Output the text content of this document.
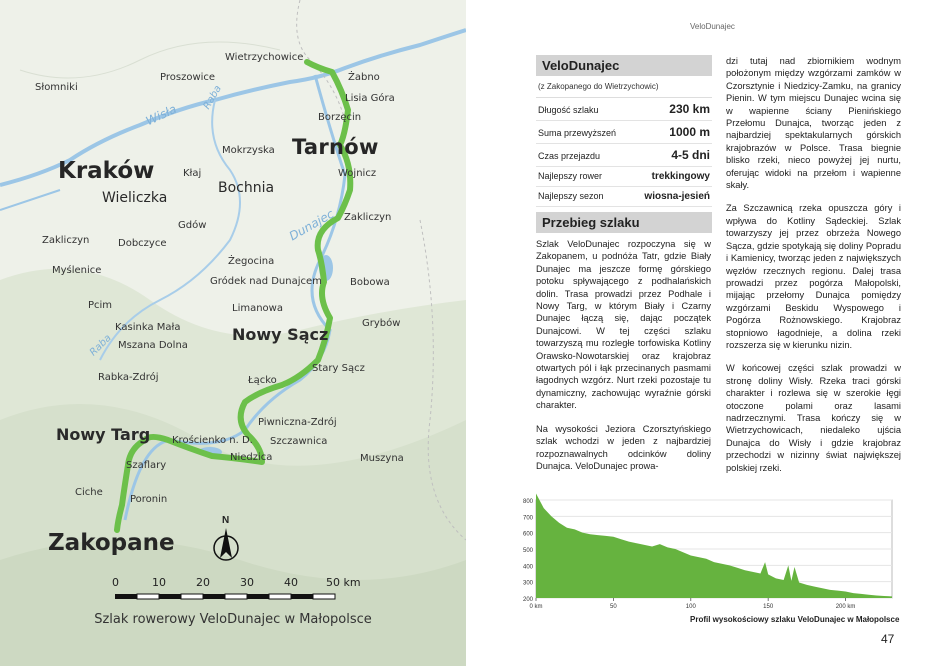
N
Wietrzychowice
Słomniki
Proszowice	Żabno
Lisia Góra
Borzęcin
Tarnów
Mokrzyska
Kraków	Kłaj
Wieliczka
Bochnia
Wojnicz
Zakliczyn
Gdów
Zakliczyn	Dobczyce
Myślenice
Żegocina
Gródek nad Dunajcem	Bobowa
Limanowa
Pcim
Kasinka Mała	Grybów
Nowy Sącz
Mszana Dolna
Stary Sącz
Rabka-Zdrój	Łącko
Piwniczna-Zdrój
Nowy Targ Krościenko n. D. Szczawnica
Niedzica
Szaflary
Muszyna
Ciche
Poronin
Zakopane
Wisła
Raba
Dunajec
Raba
0	10	20	30	40	50 km
Szlak rowerowy VeloDunajec w Małopolsce
VeloDunajec
VeloDunajec
(z Zakopanego do Wietrzychowic)
Długość szlaku	230 km
Suma przewyższeń	1000 m
Czas przejazdu	4-5 dni
Najlepszy rower	trekkingowy
Najlepszy sezon	wiosna-jesień
Przebieg szlaku

Szlak VeloDunajec rozpoczyna się w Zakopanem, u podnóża Tatr, gdzie Biały Dunajec ma jeszcze formę górskiego potoku spływającego z podhalańskich dolin. Trasa prowadzi przez Podhale i Nowy Targ, w którym Biały i Czarny Dunajec łączą się, dając początek Dunajcowi. W tej części szlaku towarzyszą mu rozległe torfowiska Kotliny Orawsko-Nowotarskiej oraz krajobraz otwartych pól i łąk przecinanych pasmami łagodnych wzgórz. Nurt rzeki pozostaje tu dynamiczny, zachowując wyraźnie górski charakter.

Na wysokości Jeziora Czorsztyńskiego szlak wchodzi w jeden z najbardziej rozpoznawalnych odcinków doliny Dunajca. VeloDunajec prowa-

dzi tutaj nad zbiornikiem wodnym położonym między wzgórzami zamków w Czorsztynie i Niedzicy-Zamku, na granicy Pienin. W tym miejscu Dunajec wcina się w wapienne ściany Pienińskiego Przełomu Dunajca, tworząc jeden z najbardziej spektakularnych górskich krajobrazów w Polsce. Trasa biegnie blisko rzeki, nieco powyżej jej nurtu, oferując widoki na przełom i wapienne skały.

Za Szczawnicą rzeka opuszcza góry i wpływa do Kotliny Sądeckiej. Szlak towarzyszy jej przez obrzeża Nowego Sącza, gdzie spotykają się doliny Popradu i Kamienicy, tworząc jeden z największych węzłów rzecznych regionu. Dalej trasa prowadzi przez pogórza Małopolski, mijając przełomy Dunajca pomiędzy wzgórzami Beskidu Wyspowego i Pogórza Rożnowskiego. Krajobraz stopniowo łagodnieje, a dolina rzeki rozszerza się w kierunku nizin.

W końcowej części szlak prowadzi w stronę doliny Wisły. Rzeka traci górski charakter i rozlewa się w szerokie łęgi otoczone polami oraz lasami nadrzecznymi. Trasa kończy się w Wietrzychowicach, niedaleko ujścia Dunajca do Wisły i gdzie krajobraz przechodzi w nizinny świat największej polskiej rzeki.

800
700
600
500
400
300
200
0 km	50	100	150	200 km
Profil wysokościowy szlaku VeloDunajec w Małopolsce
47
